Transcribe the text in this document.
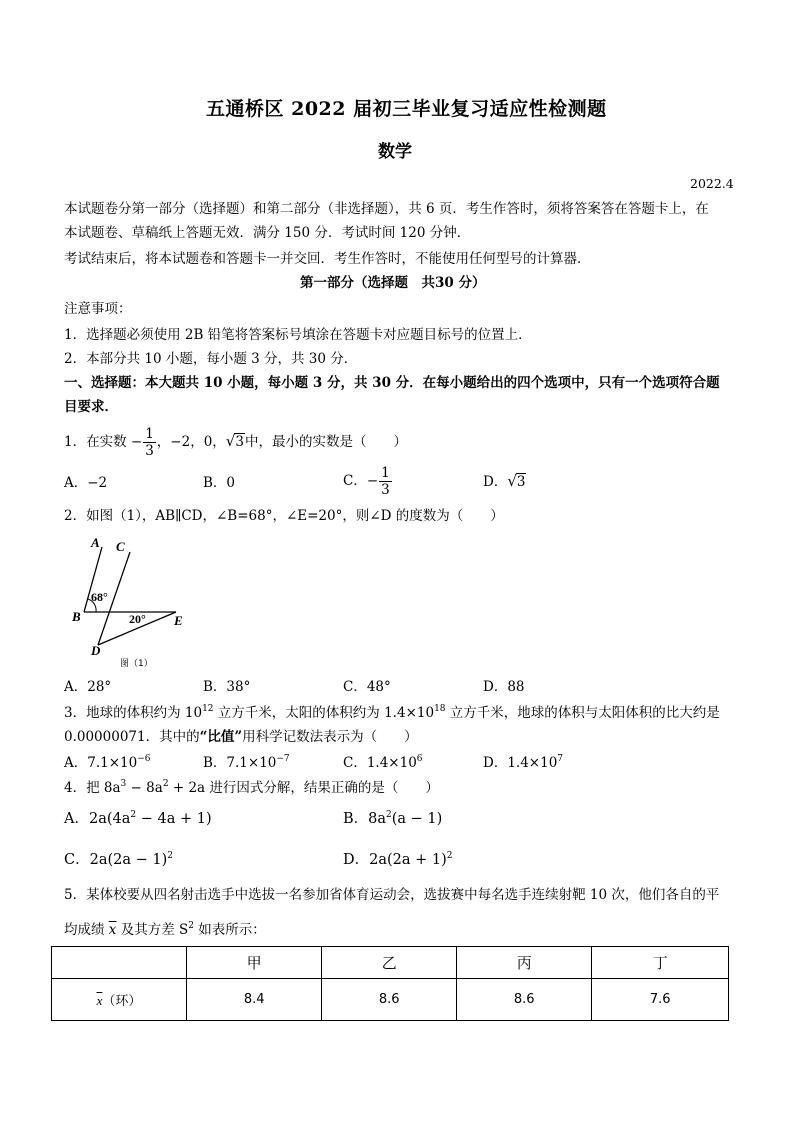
五通桥区 2022 届初三毕业复习适应性检测题
数学
2022.4
本试题卷分第一部分（选择题）和第二部分（非选择题），共 6 页．考生作答时，须将答案答在答题卡上，在
本试题卷、草稿纸上答题无效．满分 150 分．考试时间 120 分钟．
考试结束后，将本试题卷和答题卡一并交回．考生作答时，不能使用任何型号的计算器．
第一部分（选择题　共30 分）
注意事项：
1．选择题必须使用 2B 铅笔将答案标号填涂在答题卡对应题目标号的位置上．
2．本部分共 10 小题，每小题 3 分，共 30 分．
一、选择题：本大题共 10 小题，每小题 3 分，共 30 分．在每小题给出的四个选项中，只有一个选项符合题
目要求．
1．在实数 − $\frac{1}{3}$ ，−2，0，√3中，最小的实数是（　　）
A．−2	B．0	C．− $\frac{1}{3}$	D．√3
2．如图（1），AB∥CD，∠B=68°，∠E=20°，则∠D 的度数为（　　）
A C
B	E
D
68°
20°
图（1）
A．28°	B．38°	C．48°	D．88
3．地球的体积约为 $10^{12}$ 立方千米，太阳的体积约为 $1.4\times 10^{18}$ 立方千米，地球的体积与太阳体积的比大约是
0.00000071．其中的“比值”用科学记数法表示为（　　）
A．$7.1\times 10^{-6}$	B．$7.1\times 10^{-7}$	C．$1.4\times 10^6$	D．$1.4\times 10^7$
4．把 $8a^3 - 8a^2 + 2a$ 进行因式分解，结果正确的是（　　）
A．$2a(4a^2 - 4a + 1)$	B．$8a^2(a - 1)$
C．$2a(2a - 1)^2$	D．$2a(2a + 1)^2$
5．某体校要从四名射击选手中选拔一名参加省体育运动会，选拔赛中每名选手连续射靶 10 次，他们各自的平
均成绩 $\overline{x}$ 及其方差 $S^2$ 如表所示：
	甲	乙	丙	丁
$\overline{x}$（环）	8.4	8.6	8.6	7.6
